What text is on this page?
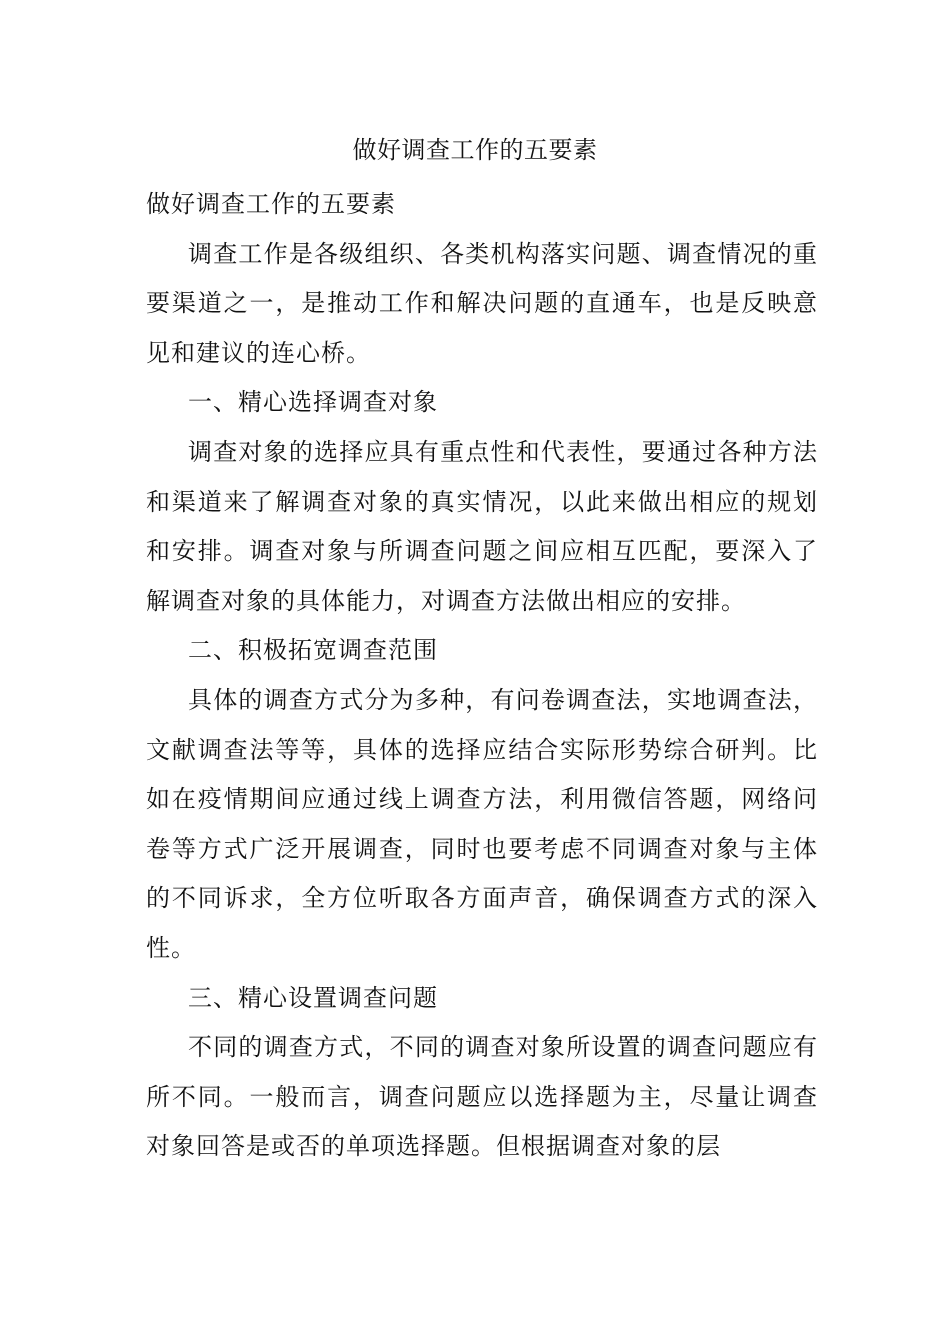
做好调查工作的五要素

做好调查工作的五要素

调查工作是各级组织、各类机构落实问题、调查情况的重要渠道之一，是推动工作和解决问题的直通车，也是反映意见和建议的连心桥。

一、精心选择调查对象

调查对象的选择应具有重点性和代表性，要通过各种方法和渠道来了解调查对象的真实情况，以此来做出相应的规划和安排。调查对象与所调查问题之间应相互匹配，要深入了解调查对象的具体能力，对调查方法做出相应的安排。

二、积极拓宽调查范围

具体的调查方式分为多种，有问卷调查法，实地调查法，文献调查法等等，具体的选择应结合实际形势综合研判。比如在疫情期间应通过线上调查方法，利用微信答题，网络问卷等方式广泛开展调查，同时也要考虑不同调查对象与主体的不同诉求，全方位听取各方面声音，确保调查方式的深入性。

三、精心设置调查问题

不同的调查方式，不同的调查对象所设置的调查问题应有所不同。一般而言，调查问题应以选择题为主，尽量让调查对象回答是或否的单项选择题。但根据调查对象的层
